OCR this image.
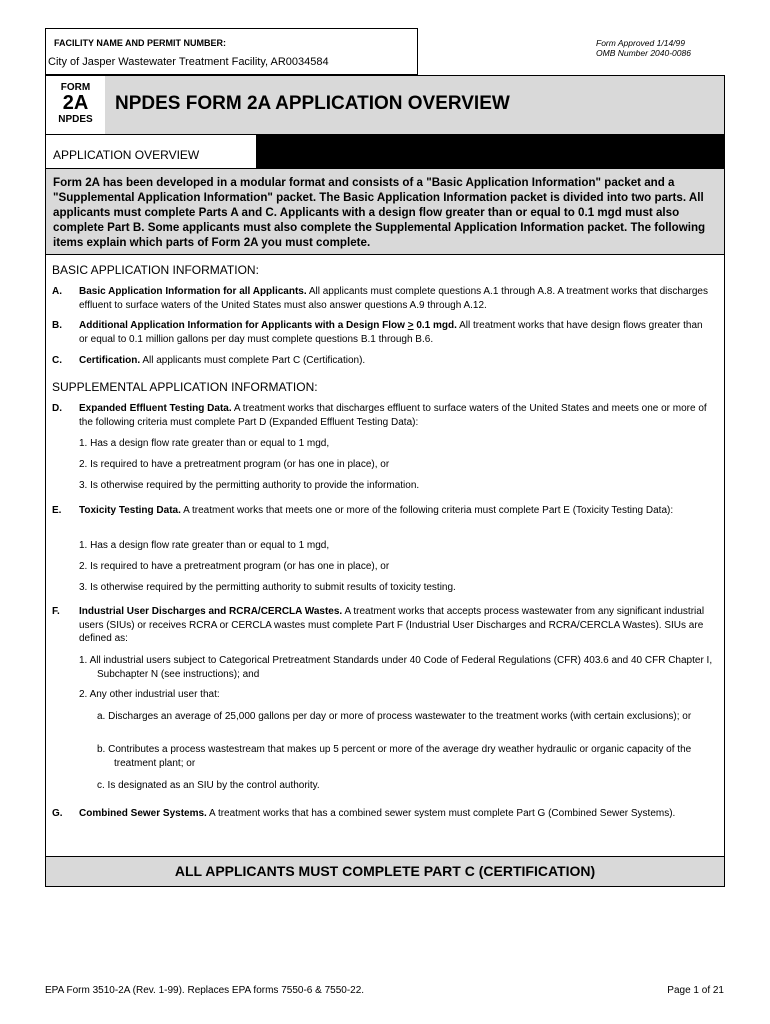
FACILITY NAME AND PERMIT NUMBER:
City of Jasper Wastewater Treatment Facility, AR0034584
Form Approved 1/14/99
OMB Number 2040-0086
FORM
2A
NPDES
NPDES FORM 2A APPLICATION OVERVIEW
APPLICATION OVERVIEW
Form 2A has been developed in a modular format and consists of a "Basic Application Information" packet and a "Supplemental Application Information" packet. The Basic Application Information packet is divided into two parts. All applicants must complete Parts A and C. Applicants with a design flow greater than or equal to 0.1 mgd must also complete Part B. Some applicants must also complete the Supplemental Application Information packet. The following items explain which parts of Form 2A you must complete.
BASIC APPLICATION INFORMATION:
A. Basic Application Information for all Applicants. All applicants must complete questions A.1 through A.8. A treatment works that discharges effluent to surface waters of the United States must also answer questions A.9 through A.12.
B. Additional Application Information for Applicants with a Design Flow > 0.1 mgd. All treatment works that have design flows greater than or equal to 0.1 million gallons per day must complete questions B.1 through B.6.
C. Certification. All applicants must complete Part C (Certification).
SUPPLEMENTAL APPLICATION INFORMATION:
D. Expanded Effluent Testing Data. A treatment works that discharges effluent to surface waters of the United States and meets one or more of the following criteria must complete Part D (Expanded Effluent Testing Data):
1. Has a design flow rate greater than or equal to 1 mgd,
2. Is required to have a pretreatment program (or has one in place), or
3. Is otherwise required by the permitting authority to provide the information.
E. Toxicity Testing Data. A treatment works that meets one or more of the following criteria must complete Part E (Toxicity Testing Data):
1. Has a design flow rate greater than or equal to 1 mgd,
2. Is required to have a pretreatment program (or has one in place), or
3. Is otherwise required by the permitting authority to submit results of toxicity testing.
F. Industrial User Discharges and RCRA/CERCLA Wastes. A treatment works that accepts process wastewater from any significant industrial users (SIUs) or receives RCRA or CERCLA wastes must complete Part F (Industrial User Discharges and RCRA/CERCLA Wastes). SIUs are defined as:
1. All industrial users subject to Categorical Pretreatment Standards under 40 Code of Federal Regulations (CFR) 403.6 and 40 CFR Chapter I, Subchapter N (see instructions); and
2. Any other industrial user that:
a. Discharges an average of 25,000 gallons per day or more of process wastewater to the treatment works (with certain exclusions); or
b. Contributes a process wastestream that makes up 5 percent or more of the average dry weather hydraulic or organic capacity of the treatment plant; or
c. Is designated as an SIU by the control authority.
G. Combined Sewer Systems. A treatment works that has a combined sewer system must complete Part G (Combined Sewer Systems).
ALL APPLICANTS MUST COMPLETE PART C (CERTIFICATION)
EPA Form 3510-2A (Rev. 1-99). Replaces EPA forms 7550-6 & 7550-22.	Page 1 of 21
